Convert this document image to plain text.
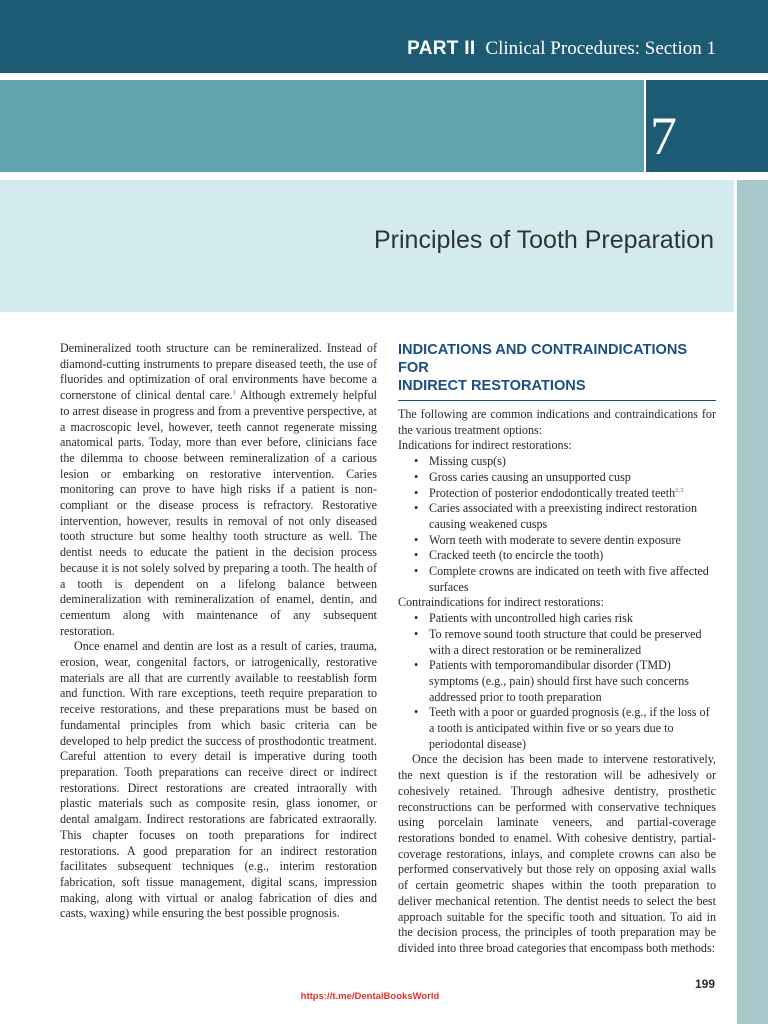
PART II Clinical Procedures: Section 1
7
Principles of Tooth Preparation

Demineralized tooth structure can be remineralized. Instead of diamond-cutting instruments to prepare diseased teeth, the use of fluorides and optimization of oral environments have become a cornerstone of clinical dental care.$^1$ Although extremely helpful to arrest disease in progress and from a preventive perspective, at a macroscopic level, however, teeth cannot regenerate missing anatomical parts. Today, more than ever before, clinicians face the dilemma to choose between remineralization of a carious lesion or embarking on restorative intervention. Caries monitoring can prove to have high risks if a patient is non-compliant or the disease process is refractory. Restorative intervention, however, results in removal of not only diseased tooth structure but some healthy tooth structure as well. The dentist needs to educate the patient in the decision process because it is not solely solved by preparing a tooth. The health of a tooth is dependent on a lifelong balance between demineralization with remineralization of enamel, dentin, and cementum along with maintenance of any subsequent restoration.

Once enamel and dentin are lost as a result of caries, trauma, erosion, wear, congenital factors, or iatrogenically, restorative materials are all that are currently available to reestablish form and function. With rare exceptions, teeth require preparation to receive restorations, and these preparations must be based on fundamental principles from which basic criteria can be developed to help predict the success of prosthodontic treatment. Careful attention to every detail is imperative during tooth preparation. Tooth preparations can receive direct or indirect restorations. Direct restorations are created intraorally with plastic materials such as composite resin, glass ionomer, or dental amalgam. Indirect restorations are fabricated extraorally. This chapter focuses on tooth preparations for indirect restorations. A good preparation for an indirect restoration facilitates subsequent techniques (e.g., interim restoration fabrication, soft tissue management, digital scans, impression making, along with virtual or analog fabrication of dies and casts, waxing) while ensuring the best possible prognosis.

INDICATIONS AND CONTRAINDICATIONS FOR
INDIRECT RESTORATIONS

The following are common indications and contraindications for the various treatment options:

Indications for indirect restorations:

• Missing cusp(s)
• Gross caries causing an unsupported cusp
• Protection of posterior endodontically treated teeth$^{2,3}$
• Caries associated with a preexisting indirect restoration causing weakened cusps
• Worn teeth with moderate to severe dentin exposure
• Cracked teeth (to encircle the tooth)
• Complete crowns are indicated on teeth with five affected surfaces

Contraindications for indirect restorations:

• Patients with uncontrolled high caries risk
• To remove sound tooth structure that could be preserved with a direct restoration or be remineralized
• Patients with temporomandibular disorder (TMD) symptoms (e.g., pain) should first have such concerns addressed prior to tooth preparation
• Teeth with a poor or guarded prognosis (e.g., if the loss of a tooth is anticipated within five or so years due to periodontal disease)

Once the decision has been made to intervene restoratively, the next question is if the restoration will be adhesively or cohesively retained. Through adhesive dentistry, prosthetic reconstructions can be performed with conservative techniques using porcelain laminate veneers, and partial-coverage restorations bonded to enamel. With cohesive dentistry, partial-coverage restorations, inlays, and complete crowns can also be performed conservatively but those rely on opposing axial walls of certain geometric shapes within the tooth preparation to deliver mechanical retention. The dentist needs to select the best approach suitable for the specific tooth and situation. To aid in the decision process, the principles of tooth preparation may be divided into three broad categories that encompass both methods:

199
https://t.me/DentalBooksWorld
